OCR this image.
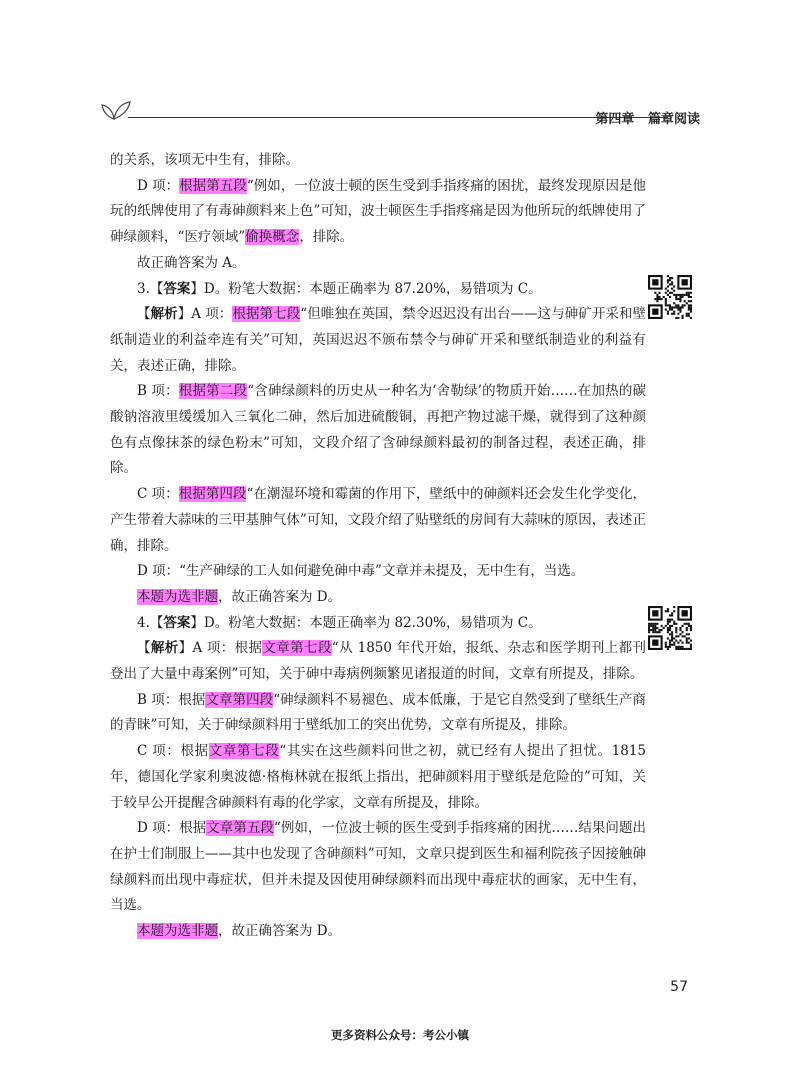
第四章 篇章阅读

的关系，该项无中生有，排除。

D 项：根据第五段“例如，一位波士顿的医生受到手指疼痛的困扰，最终发现原因是他玩的纸牌使用了有毒砷颜料来上色”可知，波士顿医生手指疼痛是因为他所玩的纸牌使用了砷绿颜料，“医疗领域”偷换概念，排除。

故正确答案为 A。

3.【答案】D。粉笔大数据：本题正确率为 87.20%，易错项为 C。

【解析】A 项：根据第七段“但唯独在英国，禁令迟迟没有出台——这与砷矿开采和壁纸制造业的利益牵连有关”可知，英国迟迟不颁布禁令与砷矿开采和壁纸制造业的利益有关，表述正确，排除。

B 项：根据第二段“含砷绿颜料的历史从一种名为‘舍勒绿’的物质开始……在加热的碳酸钠溶液里缓缓加入三氧化二砷，然后加进硫酸铜，再把产物过滤干燥，就得到了这种颜色有点像抹茶的绿色粉末”可知，文段介绍了含砷绿颜料最初的制备过程，表述正确，排除。

C 项：根据第四段“在潮湿环境和霉菌的作用下，壁纸中的砷颜料还会发生化学变化，产生带着大蒜味的三甲基胂气体”可知，文段介绍了贴壁纸的房间有大蒜味的原因，表述正确，排除。

D 项：“生产砷绿的工人如何避免砷中毒”文章并未提及，无中生有，当选。

本题为选非题，故正确答案为 D。

4.【答案】D。粉笔大数据：本题正确率为 82.30%，易错项为 C。

【解析】A 项：根据文章第七段“从 1850 年代开始，报纸、杂志和医学期刊上都刊登出了大量中毒案例”可知，关于砷中毒病例频繁见诸报道的时间，文章有所提及，排除。

B 项：根据文章第四段“砷绿颜料不易褪色、成本低廉，于是它自然受到了壁纸生产商的青睐”可知，关于砷绿颜料用于壁纸加工的突出优势，文章有所提及，排除。

C 项：根据文章第七段“其实在这些颜料问世之初，就已经有人提出了担忧。1815 年，德国化学家利奥波德·格梅林就在报纸上指出，把砷颜料用于壁纸是危险的”可知，关于较早公开提醒含砷颜料有毒的化学家，文章有所提及，排除。

D 项：根据文章第五段“例如，一位波士顿的医生受到手指疼痛的困扰……结果问题出在护士们制服上——其中也发现了含砷颜料”可知，文章只提到医生和福利院孩子因接触砷绿颜料而出现中毒症状，但并未提及因使用砷绿颜料而出现中毒症状的画家，无中生有，当选。

本题为选非题，故正确答案为 D。

57
更多资料公众号：考公小镇
